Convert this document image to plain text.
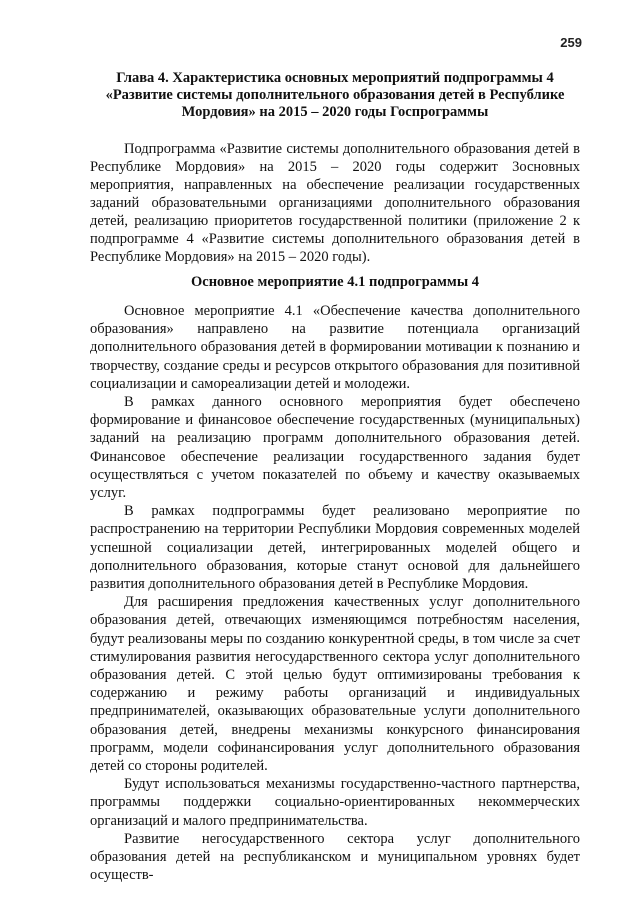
259
Глава 4. Характеристика основных мероприятий подпрограммы 4 «Развитие системы дополнительного образования детей в Республике Мордовия» на 2015 – 2020 годы Госпрограммы

Подпрограмма «Развитие системы дополнительного образования детей в Республике Мордовия» на 2015 – 2020 годы содержит 3основных мероприятия, направленных на обеспечение реализации государственных заданий образовательными организациями дополнительного образования детей, реализацию приоритетов государственной политики (приложение 2 к подпрограмме 4 «Развитие системы дополнительного образования детей в Республике Мордовия» на 2015 – 2020 годы).

Основное мероприятие 4.1 подпрограммы 4

Основное мероприятие 4.1 «Обеспечение качества дополнительного образования» направлено на развитие потенциала организаций дополнительного образования детей в формировании мотивации к познанию и творчеству, создание среды и ресурсов открытого образования для позитивной социализации и самореализации детей и молодежи.

В рамках данного основного мероприятия будет обеспечено формирование и финансовое обеспечение государственных (муниципальных) заданий на реализацию программ дополнительного образования детей. Финансовое обеспечение реализации государственного задания будет осуществляться с учетом показателей по объему и качеству оказываемых услуг.

В рамках подпрограммы будет реализовано мероприятие по распространению на территории Республики Мордовия современных моделей успешной социализации детей, интегрированных моделей общего и дополнительного образования, которые станут основой для дальнейшего развития дополнительного образования детей в Республике Мордовия.

Для расширения предложения качественных услуг дополнительного образования детей, отвечающих изменяющимся потребностям населения, будут реализованы меры по созданию конкурентной среды, в том числе за счет стимулирования развития негосударственного сектора услуг дополнительного образования детей. С этой целью будут оптимизированы требования к содержанию и режиму работы организаций и индивидуальных предпринимателей, оказывающих образовательные услуги дополнительного образования детей, внедрены механизмы конкурсного финансирования программ, модели софинансирования услуг дополнительного образования детей со стороны родителей.

Будут использоваться механизмы государственно-частного партнерства, программы поддержки социально-ориентированных некоммерческих организаций и малого предпринимательства.

Развитие негосударственного сектора услуг дополнительного образования детей на республиканском и муниципальном уровнях будет осуществ-
